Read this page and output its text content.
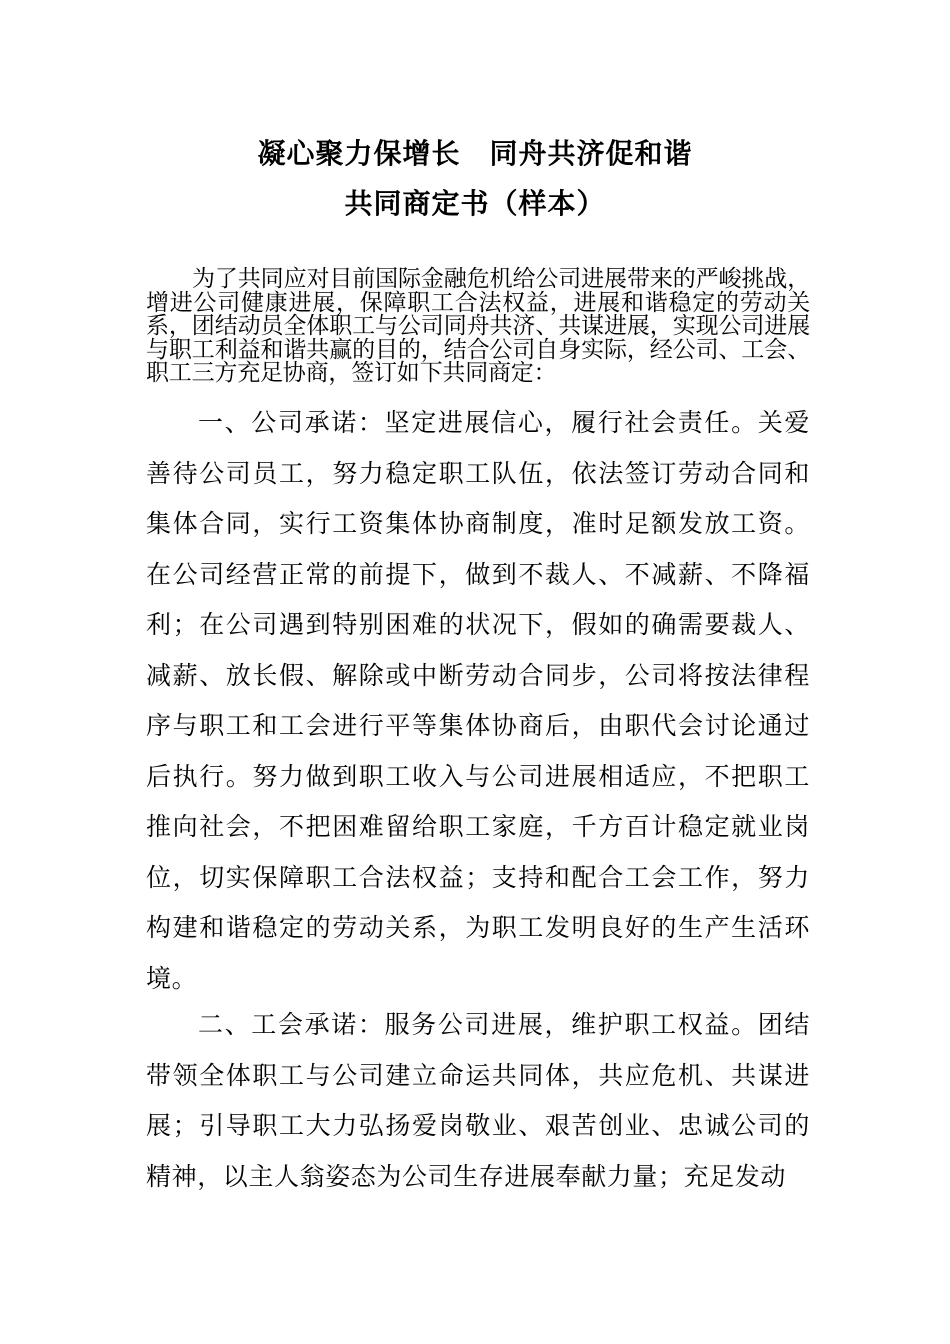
凝心聚力保增长　同舟共济促和谐
共同商定书（样本）

为了共同应对目前国际金融危机给公司进展带来的严峻挑战，增进公司健康进展，保障职工合法权益，进展和谐稳定的劳动关系，团结动员全体职工与公司同舟共济、共谋进展，实现公司进展与职工利益和谐共赢的目的，结合公司自身实际，经公司、工会、职工三方充足协商，签订如下共同商定：

一、公司承诺：坚定进展信心，履行社会责任。关爱善待公司员工，努力稳定职工队伍，依法签订劳动合同和集体合同，实行工资集体协商制度，准时足额发放工资。在公司经营正常的前提下，做到不裁人、不减薪、不降福利；在公司遇到特别困难的状况下，假如的确需要裁人、减薪、放长假、解除或中断劳动合同步，公司将按法律程序与职工和工会进行平等集体协商后，由职代会讨论通过后执行。努力做到职工收入与公司进展相适应，不把职工推向社会，不把困难留给职工家庭，千方百计稳定就业岗位，切实保障职工合法权益；支持和配合工会工作，努力构建和谐稳定的劳动关系，为职工发明良好的生产生活环境。

二、工会承诺：服务公司进展，维护职工权益。团结带领全体职工与公司建立命运共同体，共应危机、共谋进展；引导职工大力弘扬爱岗敬业、艰苦创业、忠诚公司的精神，以主人翁姿态为公司生存进展奉献力量；充足发动
